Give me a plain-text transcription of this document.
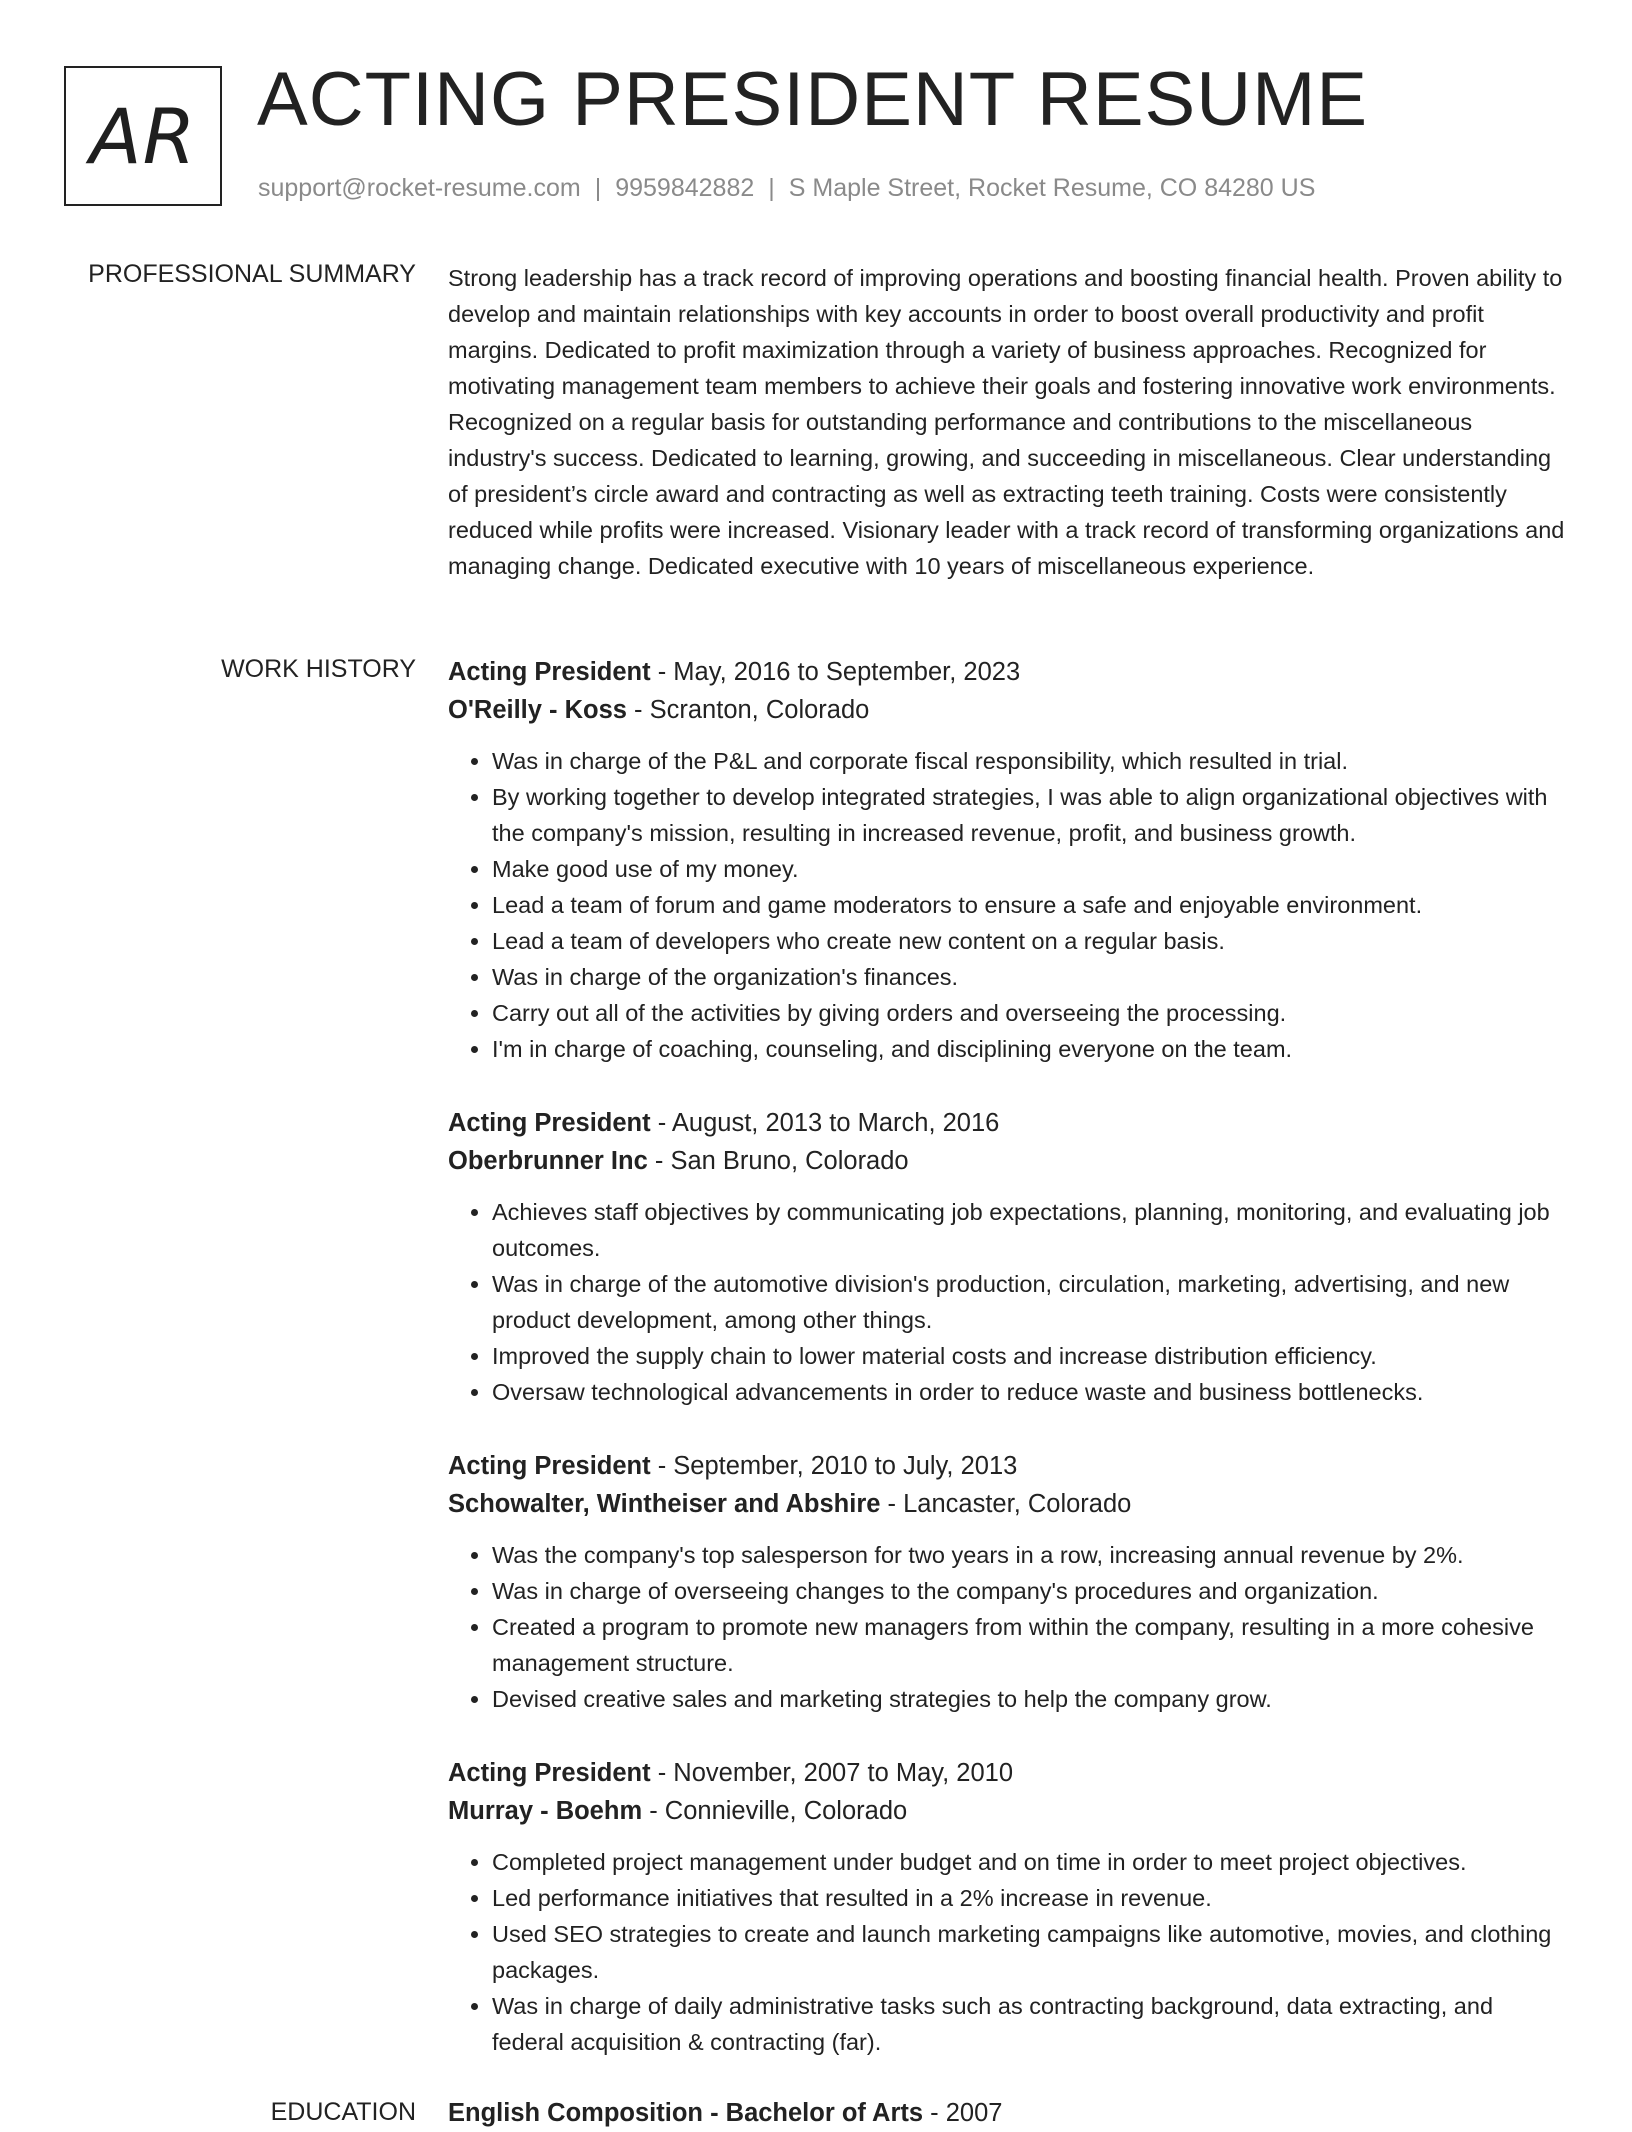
AR ACTING PRESIDENT RESUME
support@rocket-resume.com | 9959842882 | S Maple Street, Rocket Resume, CO 84280 US
PROFESSIONAL SUMMARY Strong leadership has a track record of improving operations and boosting financial health. Proven ability to develop and maintain relationships with key accounts in order to boost overall productivity and profit margins. Dedicated to profit maximization through a variety of business approaches. Recognized for motivating management team members to achieve their goals and fostering innovative work environments. Recognized on a regular basis for outstanding performance and contributions to the miscellaneous industry's success. Dedicated to learning, growing, and succeeding in miscellaneous. Clear understanding of president’s circle award and contracting as well as extracting teeth training. Costs were consistently reduced while profits were increased. Visionary leader with a track record of transforming organizations and managing change. Dedicated executive with 10 years of miscellaneous experience.
WORK HISTORY Acting President - May, 2016 to September, 2023
O'Reilly - Koss - Scranton, Colorado
• Was in charge of the P&L and corporate fiscal responsibility, which resulted in trial.
• By working together to develop integrated strategies, I was able to align organizational objectives with the company's mission, resulting in increased revenue, profit, and business growth.
• Make good use of my money.
• Lead a team of forum and game moderators to ensure a safe and enjoyable environment.
• Lead a team of developers who create new content on a regular basis.
• Was in charge of the organization's finances.
• Carry out all of the activities by giving orders and overseeing the processing.
• I'm in charge of coaching, counseling, and disciplining everyone on the team.
Acting President - August, 2013 to March, 2016
Oberbrunner Inc - San Bruno, Colorado
• Achieves staff objectives by communicating job expectations, planning, monitoring, and evaluating job outcomes.
• Was in charge of the automotive division's production, circulation, marketing, advertising, and new product development, among other things.
• Improved the supply chain to lower material costs and increase distribution efficiency.
• Oversaw technological advancements in order to reduce waste and business bottlenecks.
Acting President - September, 2010 to July, 2013
Schowalter, Wintheiser and Abshire - Lancaster, Colorado
• Was the company's top salesperson for two years in a row, increasing annual revenue by 2%.
• Was in charge of overseeing changes to the company's procedures and organization.
• Created a program to promote new managers from within the company, resulting in a more cohesive management structure.
• Devised creative sales and marketing strategies to help the company grow.
Acting President - November, 2007 to May, 2010
Murray - Boehm - Connieville, Colorado
• Completed project management under budget and on time in order to meet project objectives.
• Led performance initiatives that resulted in a 2% increase in revenue.
• Used SEO strategies to create and launch marketing campaigns like automotive, movies, and clothing packages.
• Was in charge of daily administrative tasks such as contracting background, data extracting, and federal acquisition & contracting (far).
EDUCATION English Composition - Bachelor of Arts - 2007
